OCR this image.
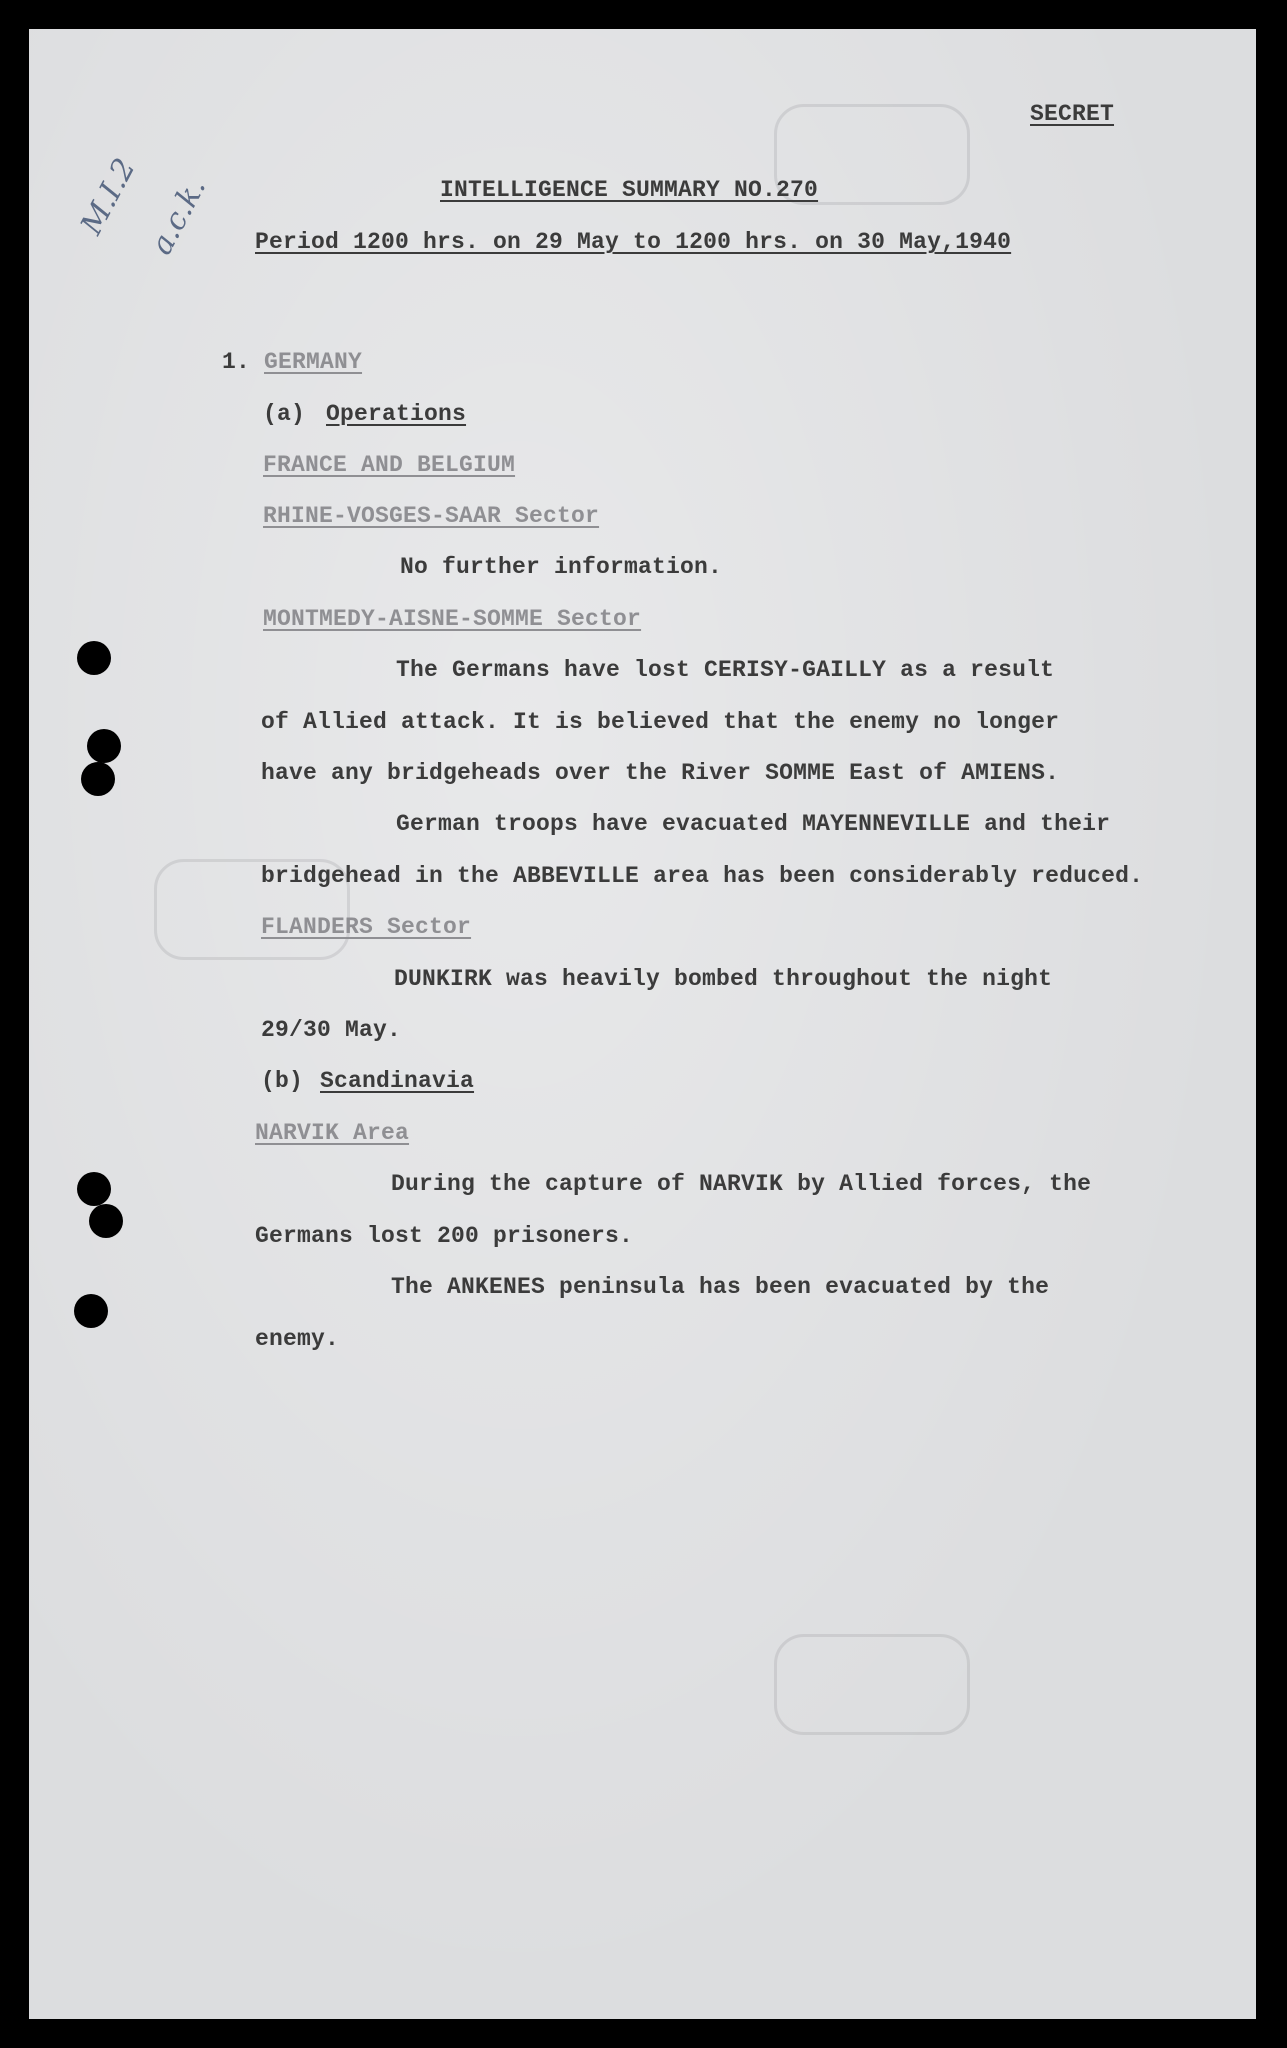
M.I.2 a.c.k.
SECRET
INTELLIGENCE SUMMARY NO.270
Period 1200 hrs. on 29 May to 1200 hrs. on 30 May,1940
1. GERMANY
(a) Operations
FRANCE AND BELGIUM
RHINE-VOSGES-SAAR Sector
No further information.
MONTMEDY-AISNE-SOMME Sector
The Germans have lost CERISY-GAILLY as a result
of Allied attack. It is believed that the enemy no longer
have any bridgeheads over the River SOMME East of AMIENS.
German troops have evacuated MAYENNEVILLE and their
bridgehead in the ABBEVILLE area has been considerably reduced.
FLANDERS Sector
DUNKIRK was heavily bombed throughout the night
29/30 May.
(b) Scandinavia
NARVIK Area
During the capture of NARVIK by Allied forces, the
Germans lost 200 prisoners.
The ANKENES peninsula has been evacuated by the
enemy.
